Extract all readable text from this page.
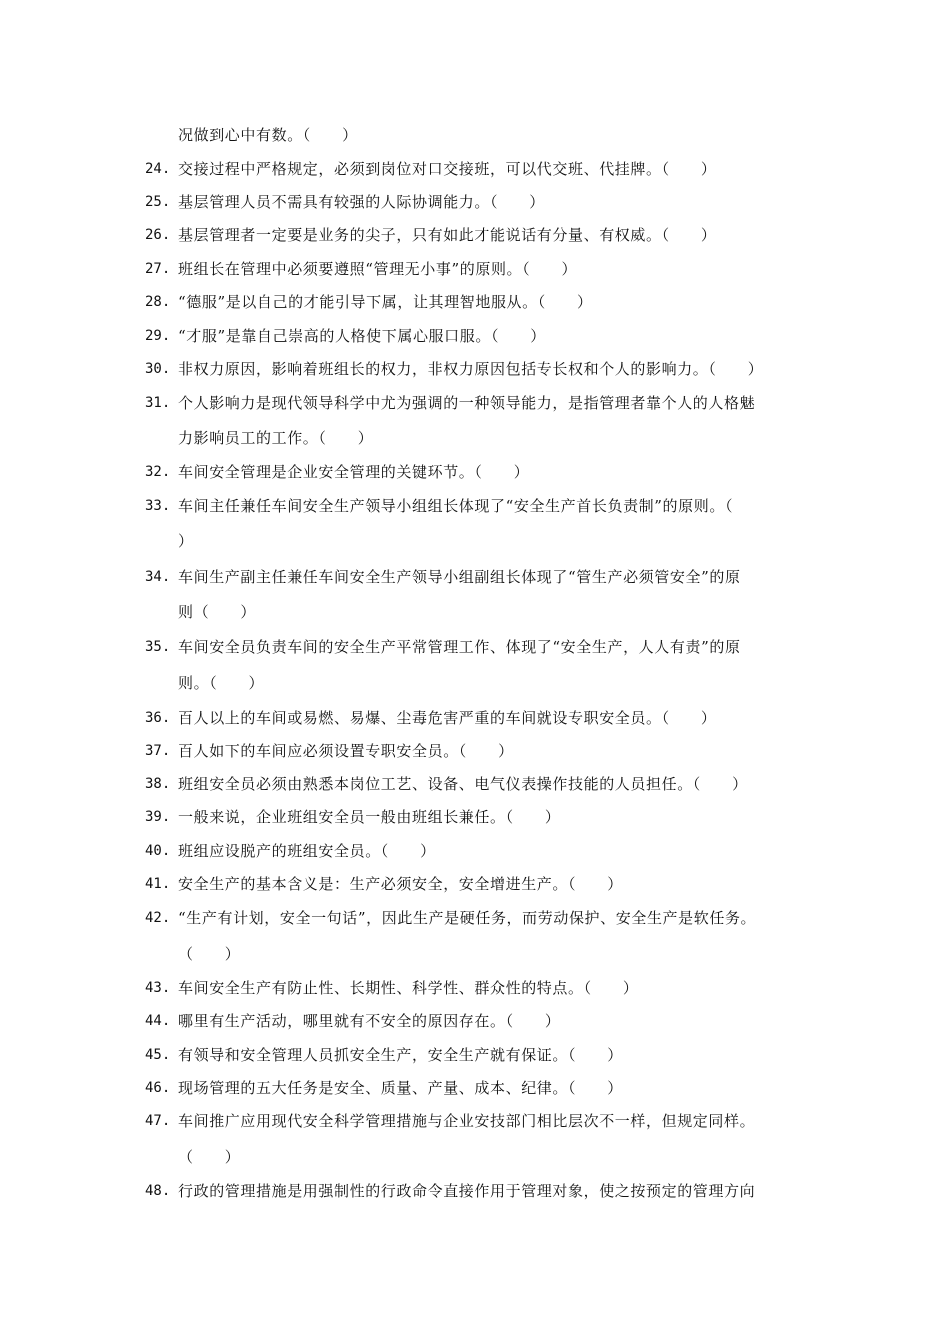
况做到心中有数。（　　）
24. 交接过程中严格规定，必须到岗位对口交接班，可以代交班、代挂牌。（　　）
25. 基层管理人员不需具有较强的人际协调能力。（　　）
26. 基层管理者一定要是业务的尖子，只有如此才能说话有分量、有权威。（　　）
27. 班组长在管理中必须要遵照“管理无小事”的原则。（　　）
28. “德服”是以自己的才能引导下属，让其理智地服从。（　　）
29. “才服”是靠自己崇高的人格使下属心服口服。（　　）
30. 非权力原因，影响着班组长的权力，非权力原因包括专长权和个人的影响力。（　　）
31. 个人影响力是现代领导科学中尤为强调的一种领导能力，是指管理者靠个人的人格魅
力影响员工的工作。（　　）
32. 车间安全管理是企业安全管理的关键环节。（　　）
33. 车间主任兼任车间安全生产领导小组组长体现了“安全生产首长负责制”的原则。（
）
34. 车间生产副主任兼任车间安全生产领导小组副组长体现了“管生产必须管安全”的原
则（　　）
35. 车间安全员负责车间的安全生产平常管理工作、体现了“安全生产，人人有责”的原
则。（　　）
36. 百人以上的车间或易燃、易爆、尘毒危害严重的车间就设专职安全员。（　　）
37. 百人如下的车间应必须设置专职安全员。（　　）
38. 班组安全员必须由熟悉本岗位工艺、设备、电气仪表操作技能的人员担任。（　　）
39. 一般来说，企业班组安全员一般由班组长兼任。（　　）
40. 班组应设脱产的班组安全员。（　　）
41. 安全生产的基本含义是：生产必须安全，安全增进生产。（　　）
42. “生产有计划，安全一句话”，因此生产是硬任务，而劳动保护、安全生产是软任务。
（　　）
43. 车间安全生产有防止性、长期性、科学性、群众性的特点。（　　）
44. 哪里有生产活动，哪里就有不安全的原因存在。（　　）
45. 有领导和安全管理人员抓安全生产，安全生产就有保证。（　　）
46. 现场管理的五大任务是安全、质量、产量、成本、纪律。（　　）
47. 车间推广应用现代安全科学管理措施与企业安技部门相比层次不一样，但规定同样。
（　　）
48. 行政的管理措施是用强制性的行政命令直接作用于管理对象，使之按预定的管理方向
